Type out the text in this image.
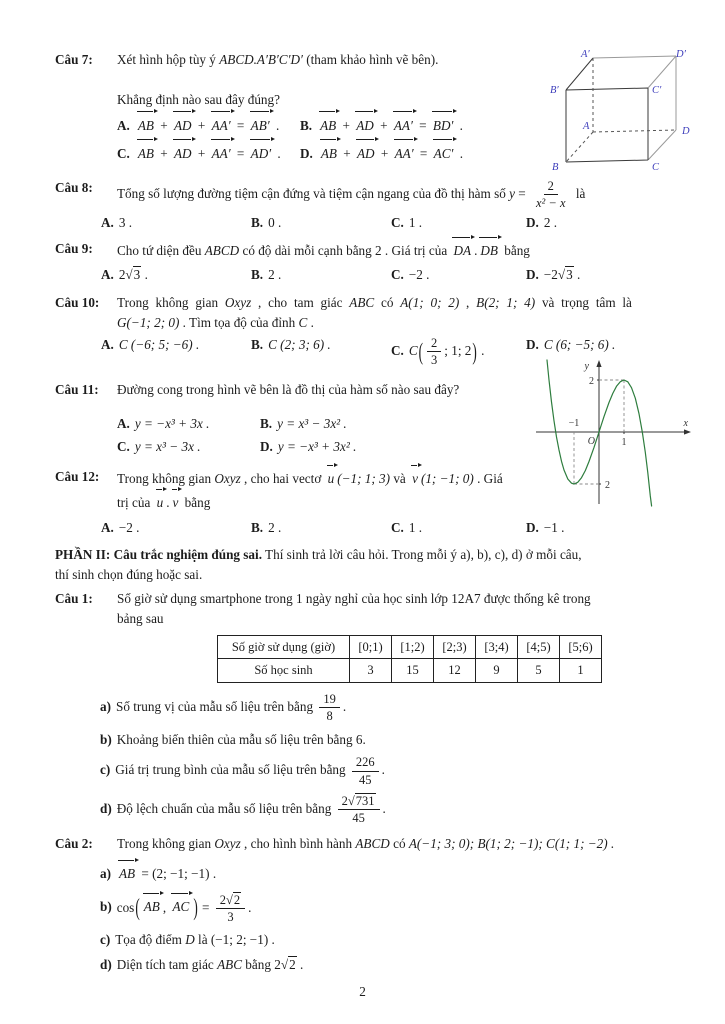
Câu 7:	Xét hình hộp tùy ý ABCD.A′B′C′D′ (tham khảo hình vẽ bên).

Khẳng định nào sau đây đúng?

A. AB + AD + AA′ = AB′ .	B. AB + AD + AA′ = BD′ .
C. AB + AD + AA′ = AD′ .	D. AB + AD + AA′ = AC′ .
Câu 8:	Tổng số lượng đường tiệm cận đứng và tiệm cận ngang của đồ thị hàm số $y = \frac{2}{\text{x² − x}}$ là

A. 3 .	B. 0 .	C. 1 .	D. 2 .
Câu 9:	Cho tứ diện đều ABCD có độ dài mỗi cạnh bằng 2 . Giá trị của DA . DB bằng

A. 2√3 .	B. 2 .	C. −2 .	D. −2√3 .
Câu 10:	Trong không gian Oxyz , cho tam giác ABC có A(1; 0; 2) , B(2; 1; 4) và trọng tâm là

G(−1; 2; 0) . Tìm tọa độ của đỉnh C .

A. C (−6; 5; −6) .	B. C (2; 3; 6) .	C. $C( \frac{2}{3}$ ; 1; 2) .	D. C (6; −5; 6) .
Câu 11:	Đường cong trong hình vẽ bên là đồ thị của hàm số nào sau đây?

A. y = −x³ + 3x .	B. y = x³ − 3x² .
C. y = x³ − 3x .	D. y = −x³ + 3x² .
Câu 12:	Trong không gian Oxyz , cho hai vectơ u (−1; 1; 3) và v (1; −1; 0) . Giá
trị của u . v bằng

A. −2 .	B. 2 .	C. 1 .	D. −1 .

PHẦN II: Câu trắc nghiệm đúng sai. Thí sinh trả lời câu hỏi. Trong mỗi ý a), b), c), d) ở mỗi câu,
thí sinh chọn đúng hoặc sai.

Câu 1:	Số giờ sử dụng smartphone trong 1 ngày nghỉ của học sinh lớp 12A7 được thống kê trong
bảng sau

Số giờ sử dụng (giờ)	[0;1)	[1;2)	[2;3)	[3;4)	[4;5)	[5;6)
Số học sinh	3	15	12	9	5	1

a) Số trung vị của mẫu số liệu trên bằng $\frac{19}{8}$ .

b) Khoảng biến thiên của mẫu số liệu trên bằng 6.

c) Giá trị trung bình của mẫu số liệu trên bằng $\frac{226}{45}$ .

d) Độ lệch chuẩn của mẫu số liệu trên bằng $\frac{2√731}{45}$ .

Câu 2:	Trong không gian Oxyz , cho hình bình hành ABCD có A(−1; 3; 0); B(1; 2; −1); C(1; 1; −2) .

a) AB = (2; −1; −1) .

b) cos( AB , AC ) = $\frac{2√2}{3}$ .

c) Tọa độ điểm D là (−1; 2; −1) .

d) Diện tích tam giác ABC bằng 2√2 .

A′	D′
B′	C′
A	D
B	C
y
2
−1
O	1
x
2
2
